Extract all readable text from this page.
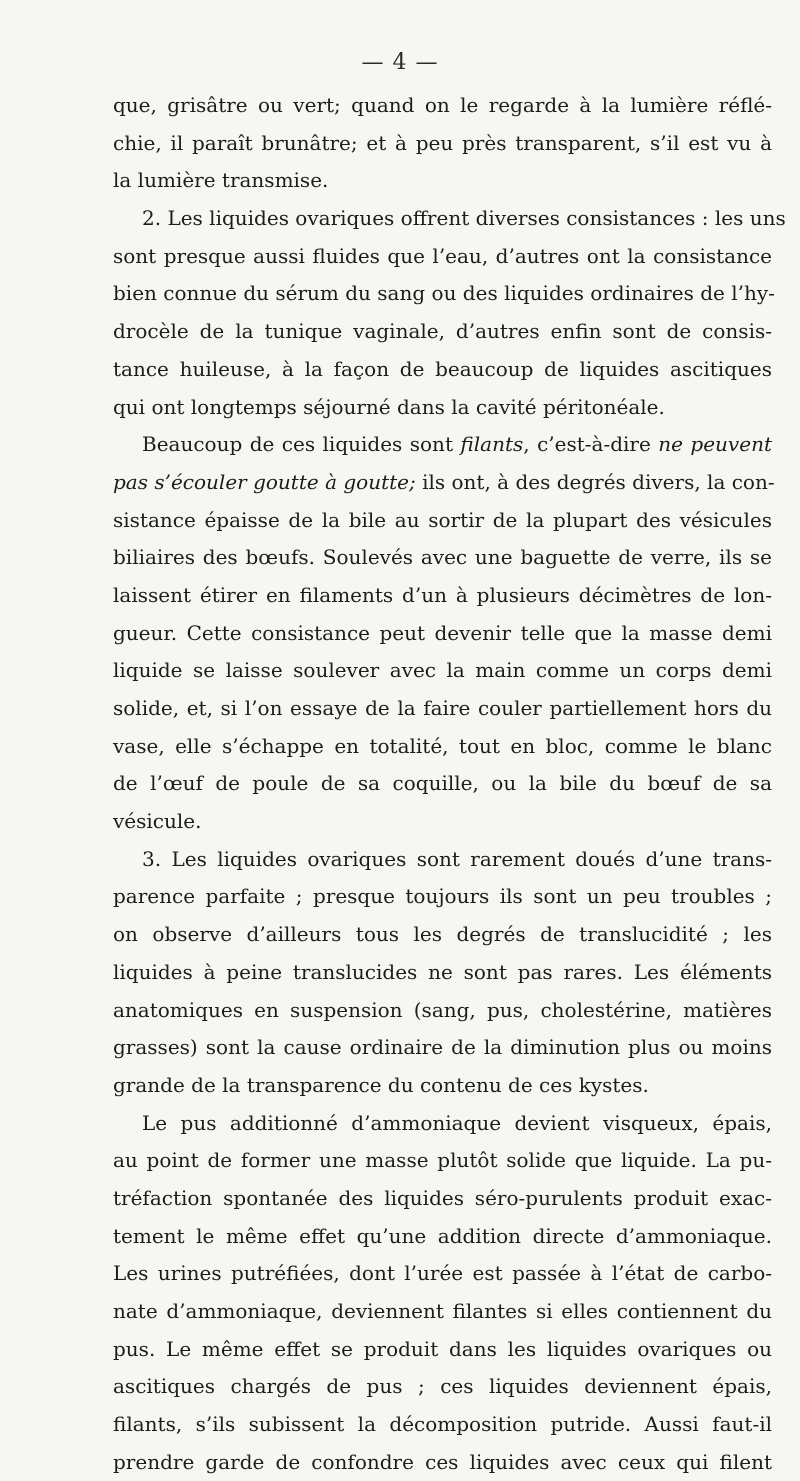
— 4 —
que, grisâtre ou vert; quand on le regarde à la lumière réflé-
chie, il paraît brunâtre; et à peu près transparent, s’il est vu à
la lumière transmise.
2. Les liquides ovariques offrent diverses consistances : les uns
sont presque aussi fluides que l’eau, d’autres ont la consistance
bien connue du sérum du sang ou des liquides ordinaires de l’hy-
drocèle de la tunique vaginale, d’autres enfin sont de consis-
tance huileuse, à la façon de beaucoup de liquides ascitiques
qui ont longtemps séjourné dans la cavité péritonéale.
Beaucoup de ces liquides sont filants, c’est-à-dire ne peuvent
pas s’écouler goutte à goutte; ils ont, à des degrés divers, la con-
sistance épaisse de la bile au sortir de la plupart des vésicules
biliaires des bœufs. Soulevés avec une baguette de verre, ils se
laissent étirer en filaments d’un à plusieurs décimètres de lon-
gueur. Cette consistance peut devenir telle que la masse demi
liquide se laisse soulever avec la main comme un corps demi
solide, et, si l’on essaye de la faire couler partiellement hors du
vase, elle s’échappe en totalité, tout en bloc, comme le blanc
de l’œuf de poule de sa coquille, ou la bile du bœuf de sa
vésicule.
3. Les liquides ovariques sont rarement doués d’une trans-
parence parfaite ; presque toujours ils sont un peu troubles ;
on observe d’ailleurs tous les degrés de translucidité ; les
liquides à peine translucides ne sont pas rares. Les éléments
anatomiques en suspension (sang, pus, cholestérine, matières
grasses) sont la cause ordinaire de la diminution plus ou moins
grande de la transparence du contenu de ces kystes.
Le pus additionné d’ammoniaque devient visqueux, épais,
au point de former une masse plutôt solide que liquide. La pu-
tréfaction spontanée des liquides séro-purulents produit exac-
tement le même effet qu’une addition directe d’ammoniaque.
Les urines putréfiées, dont l’urée est passée à l’état de carbo-
nate d’ammoniaque, deviennent filantes si elles contiennent du
pus. Le même effet se produit dans les liquides ovariques ou
ascitiques chargés de pus ; ces liquides deviennent épais,
filants, s’ils subissent la décomposition putride. Aussi faut-il
prendre garde de confondre ces liquides avec ceux qui filent
